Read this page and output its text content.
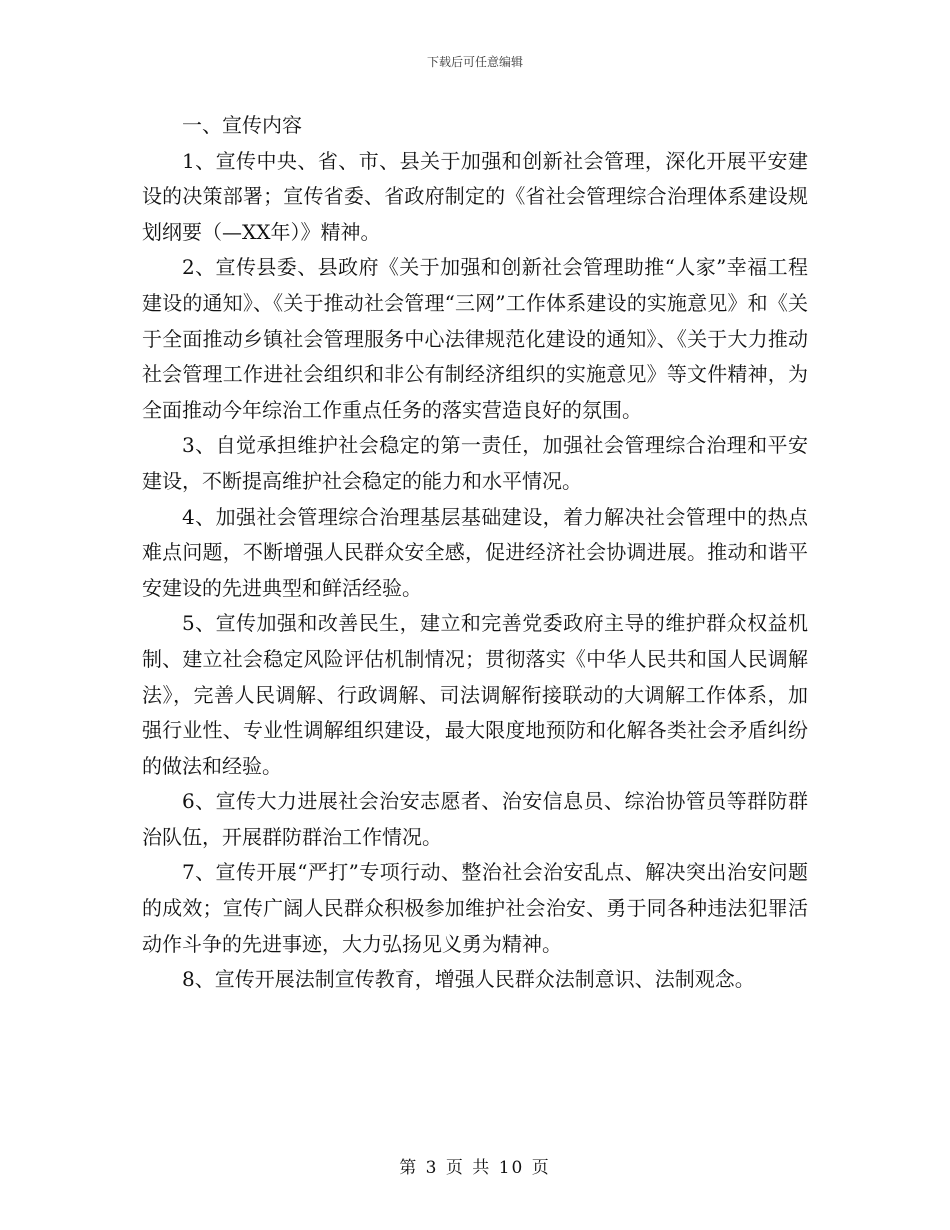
下载后可任意编辑

一、宣传内容

1、宣传中央、省、市、县关于加强和创新社会管理，深化开展平安建设的决策部署；宣传省委、省政府制定的《省社会管理综合治理体系建设规划纲要（—XX年）》精神。

2、宣传县委、县政府《关于加强和创新社会管理助推“人家”幸福工程建设的通知》、《关于推动社会管理“三网”工作体系建设的实施意见》和《关于全面推动乡镇社会管理服务中心法律规范化建设的通知》、《关于大力推动社会管理工作进社会组织和非公有制经济组织的实施意见》等文件精神，为全面推动今年综治工作重点任务的落实营造良好的氛围。

3、自觉承担维护社会稳定的第一责任，加强社会管理综合治理和平安建设，不断提高维护社会稳定的能力和水平情况。

4、加强社会管理综合治理基层基础建设，着力解决社会管理中的热点难点问题，不断增强人民群众安全感，促进经济社会协调进展。推动和谐平安建设的先进典型和鲜活经验。

5、宣传加强和改善民生，建立和完善党委政府主导的维护群众权益机制、建立社会稳定风险评估机制情况；贯彻落实《中华人民共和国人民调解法》，完善人民调解、行政调解、司法调解衔接联动的大调解工作体系，加强行业性、专业性调解组织建设，最大限度地预防和化解各类社会矛盾纠纷的做法和经验。

6、宣传大力进展社会治安志愿者、治安信息员、综治协管员等群防群治队伍，开展群防群治工作情况。

7、宣传开展“严打”专项行动、整治社会治安乱点、解决突出治安问题的成效；宣传广阔人民群众积极参加维护社会治安、勇于同各种违法犯罪活动作斗争的先进事迹，大力弘扬见义勇为精神。

8、宣传开展法制宣传教育，增强人民群众法制意识、法制观念。

第 3 页 共 10 页
